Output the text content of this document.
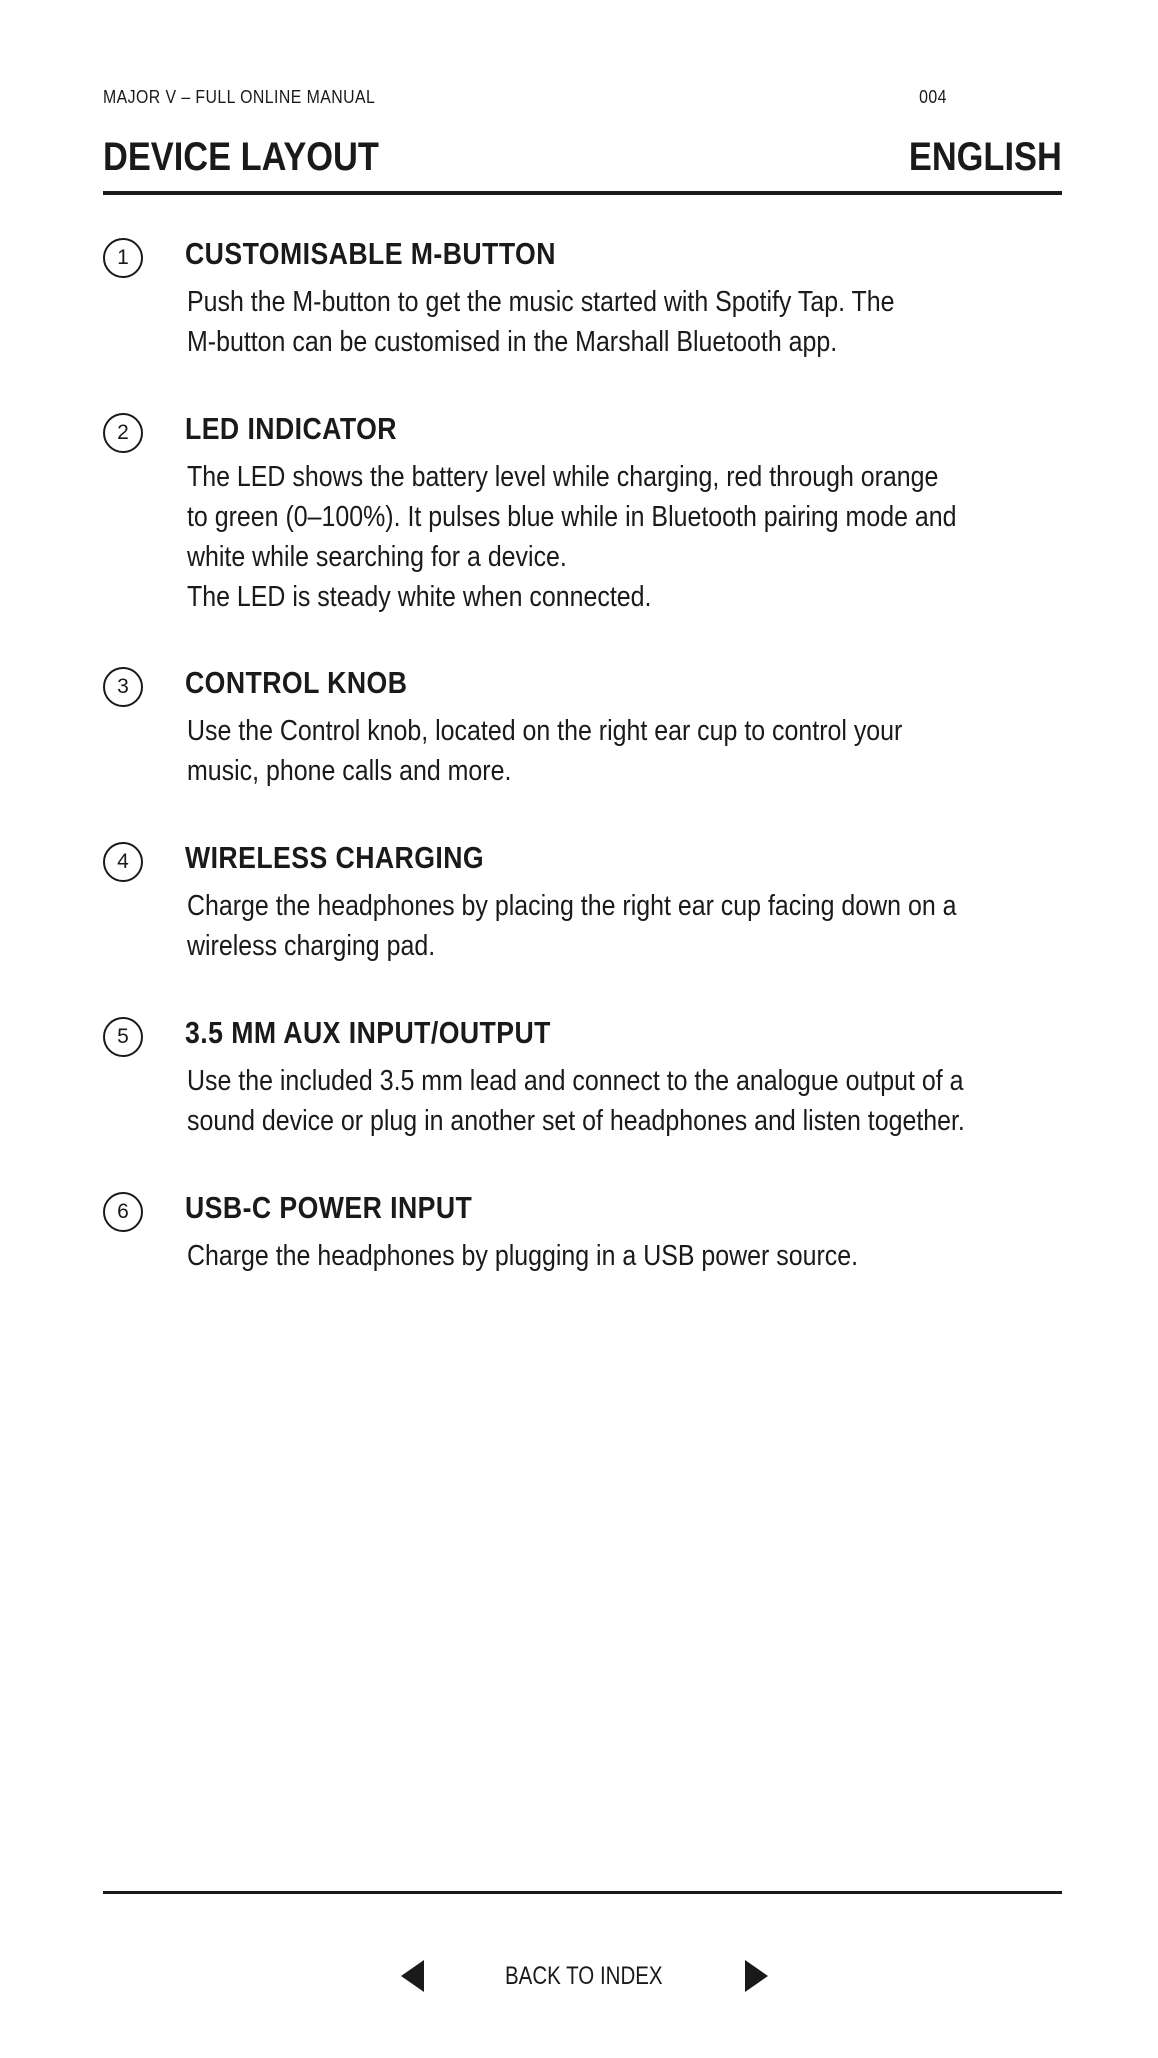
MAJOR V – FULL ONLINE MANUAL	004
DEVICE LAYOUT	ENGLISH
1 CUSTOMISABLE M-BUTTON

Push the M-button to get the music started with Spotify Tap. The

M-button can be customised in the Marshall Bluetooth app.

2 LED INDICATOR

The LED shows the battery level while charging, red through orange

to green (0–100%). It pulses blue while in Bluetooth pairing mode and

white while searching for a device.

The LED is steady white when connected.

3 CONTROL KNOB

Use the Control knob, located on the right ear cup to control your

music, phone calls and more.

4 WIRELESS CHARGING

Charge the headphones by placing the right ear cup facing down on a

wireless charging pad.

5 3.5 MM AUX INPUT/OUTPUT

Use the included 3.5 mm lead and connect to the analogue output of a

sound device or plug in another set of headphones and listen together.

6 USB-C POWER INPUT

Charge the headphones by plugging in a USB power source.

BACK TO INDEX
